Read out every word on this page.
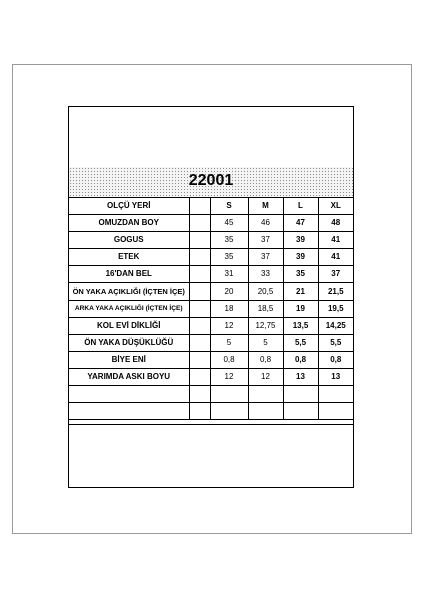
22001
OLÇÜ YERİ		S	M	L	XL
OMUZDAN BOY		45	46	47	48
GOGUS		35	37	39	41
ETEK		35	37	39	41
16'DAN BEL		31	33	35	37
ÖN YAKA AÇIKLIĞI (İÇTEN İÇE)		20	20,5	21	21,5
ARKA YAKA AÇIKLIĞI (İÇTEN İÇE)		18	18,5	19	19,5
KOL EVİ DİKLİĞİ		12	12,75	13,5	14,25
ÖN YAKA DÜŞÜKLÜĞÜ		5	5	5,5	5,5
BİYE ENİ		0,8	0,8	0,8	0,8
YARIMDA ASKI BOYU		12	12	13	13
